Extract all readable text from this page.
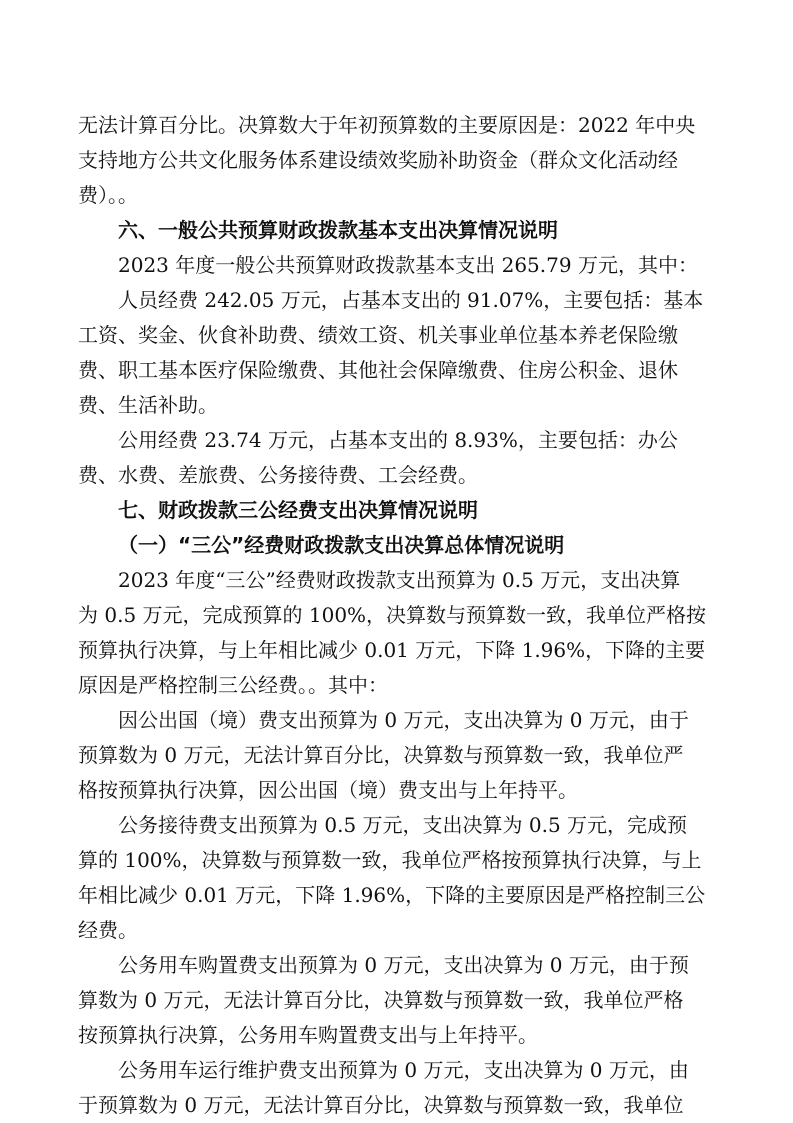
无法计算百分比。决算数大于年初预算数的主要原因是：2022 年中央
支持地方公共文化服务体系建设绩效奖励补助资金（群众文化活动经
费）。。
六、一般公共预算财政拨款基本支出决算情况说明
2023 年度一般公共预算财政拨款基本支出 265.79 万元，其中：
人员经费 242.05 万元，占基本支出的 91.07%，主要包括：基本
工资、奖金、伙食补助费、绩效工资、机关事业单位基本养老保险缴
费、职工基本医疗保险缴费、其他社会保障缴费、住房公积金、退休
费、生活补助。
公用经费 23.74 万元，占基本支出的 8.93%，主要包括：办公
费、水费、差旅费、公务接待费、工会经费。
七、财政拨款三公经费支出决算情况说明
（一）“三公”经费财政拨款支出决算总体情况说明
2023 年度“三公”经费财政拨款支出预算为 0.5 万元，支出决算
为 0.5 万元，完成预算的 100%，决算数与预算数一致，我单位严格按
预算执行决算，与上年相比减少 0.01 万元，下降 1.96%，下降的主要
原因是严格控制三公经费。。其中：
因公出国（境）费支出预算为 0 万元，支出决算为 0 万元，由于
预算数为 0 万元，无法计算百分比，决算数与预算数一致，我单位严
格按预算执行决算，因公出国（境）费支出与上年持平。
公务接待费支出预算为 0.5 万元，支出决算为 0.5 万元，完成预
算的 100%，决算数与预算数一致，我单位严格按预算执行决算，与上
年相比减少 0.01 万元，下降 1.96%，下降的主要原因是严格控制三公
经费。
公务用车购置费支出预算为 0 万元，支出决算为 0 万元，由于预
算数为 0 万元，无法计算百分比，决算数与预算数一致，我单位严格
按预算执行决算，公务用车购置费支出与上年持平。
公务用车运行维护费支出预算为 0 万元，支出决算为 0 万元，由
于预算数为 0 万元，无法计算百分比，决算数与预算数一致，我单位
